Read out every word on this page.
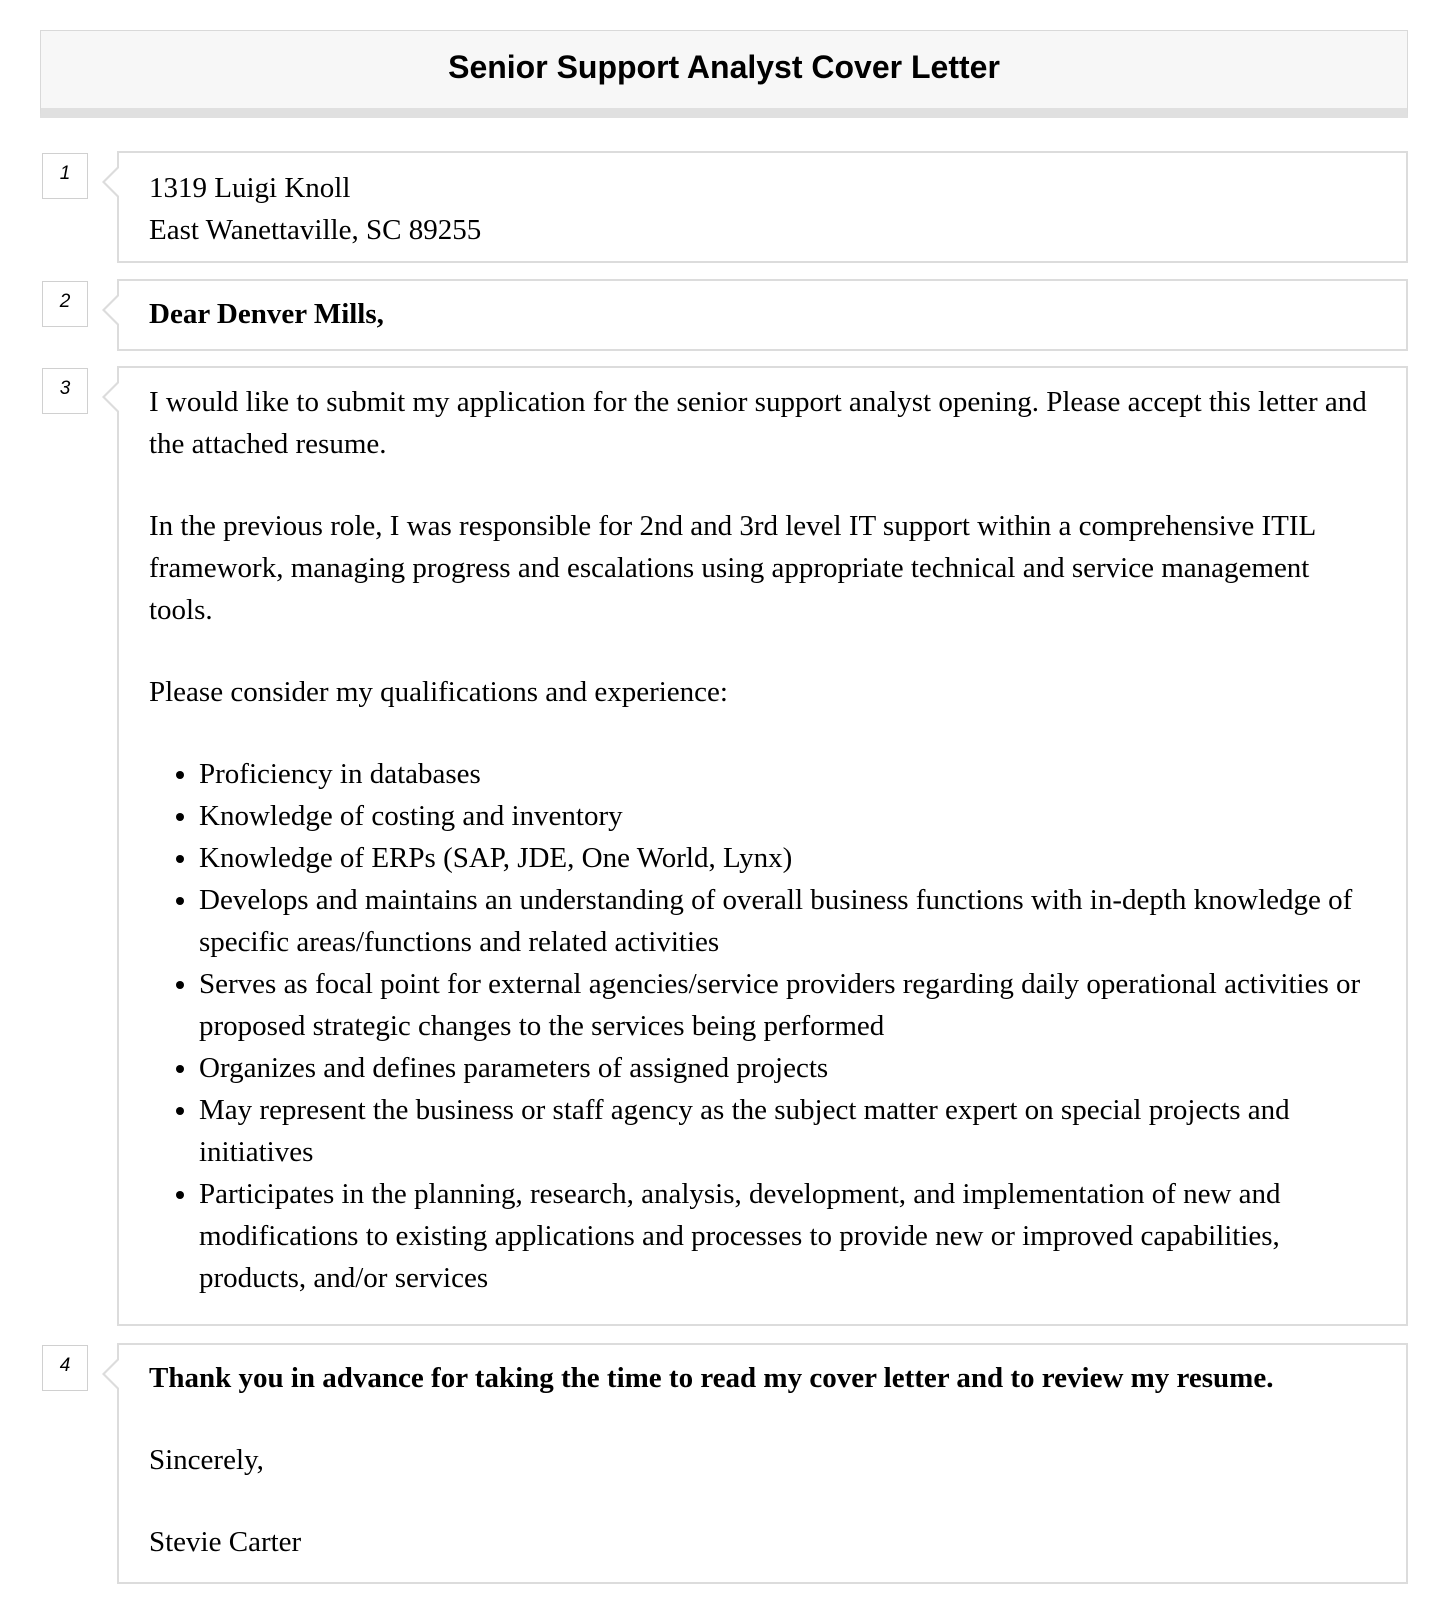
Senior Support Analyst Cover Letter
1	1319 Luigi Knoll

East Wanettaville, SC 89255

2	Dear Denver Mills,

3	I would like to submit my application for the senior support analyst opening. Please accept this letter and the attached resume.

In the previous role, I was responsible for 2nd and 3rd level IT support within a comprehensive ITIL framework, managing progress and escalations using appropriate technical and service management tools.

Please consider my qualifications and experience:

• Proficiency in databases
• Knowledge of costing and inventory
• Knowledge of ERPs (SAP, JDE, One World, Lynx)
• Develops and maintains an understanding of overall business functions with in-depth knowledge of specific areas/functions and related activities
• Serves as focal point for external agencies/service providers regarding daily operational activities or proposed strategic changes to the services being performed
• Organizes and defines parameters of assigned projects
• May represent the business or staff agency as the subject matter expert on special projects and initiatives
• Participates in the planning, research, analysis, development, and implementation of new and modifications to existing applications and processes to provide new or improved capabilities, products, and/or services
4	Thank you in advance for taking the time to read my cover letter and to review my resume.

Sincerely,

Stevie Carter
